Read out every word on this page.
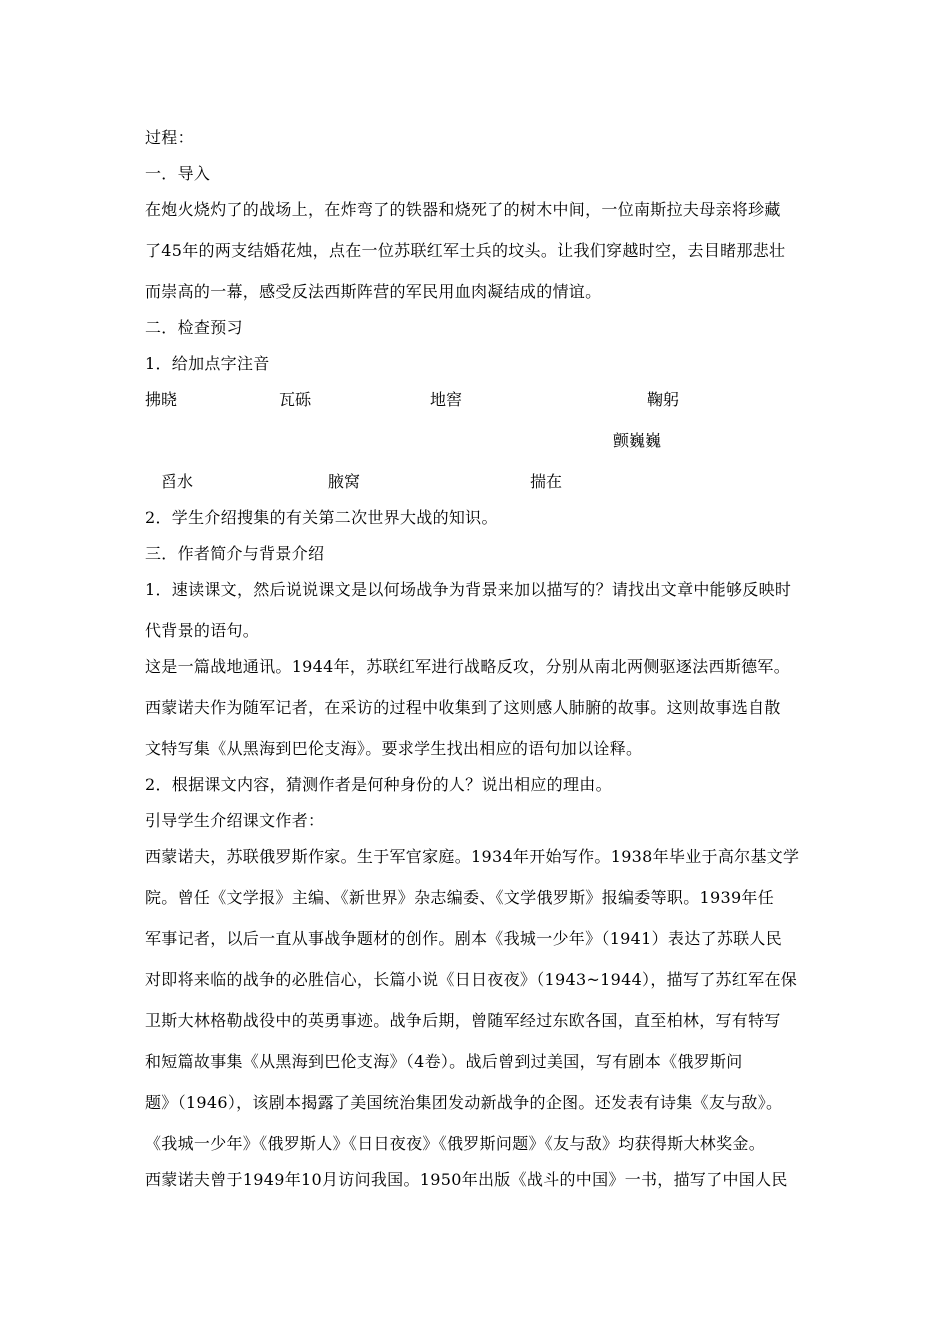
过程：
一．导入
在炮火烧灼了的战场上，在炸弯了的铁器和烧死了的树木中间，一位南斯拉夫母亲将珍藏
了45年的两支结婚花烛，点在一位苏联红军士兵的坟头。让我们穿越时空，去目睹那悲壮
而崇高的一幕，感受反法西斯阵营的军民用血肉凝结成的情谊。
二．检查预习
1．给加点字注音
拂晓	瓦砾	地窖	鞠躬
颤巍巍
舀水	腋窝	揣在
2．学生介绍搜集的有关第二次世界大战的知识。
三．作者简介与背景介绍
1．速读课文，然后说说课文是以何场战争为背景来加以描写的？请找出文章中能够反映时
代背景的语句。
这是一篇战地通讯。1944年，苏联红军进行战略反攻，分别从南北两侧驱逐法西斯德军。
西蒙诺夫作为随军记者，在采访的过程中收集到了这则感人肺腑的故事。这则故事选自散
文特写集《从黑海到巴伦支海》。要求学生找出相应的语句加以诠释。
2．根据课文内容，猜测作者是何种身份的人？说出相应的理由。
引导学生介绍课文作者：
西蒙诺夫，苏联俄罗斯作家。生于军官家庭。1934年开始写作。1938年毕业于高尔基文学
院。曾任《文学报》主编、《新世界》杂志编委、《文学俄罗斯》报编委等职。1939年任
军事记者，以后一直从事战争题材的创作。剧本《我城一少年》（1941）表达了苏联人民
对即将来临的战争的必胜信心，长篇小说《日日夜夜》（1943~1944），描写了苏红军在保
卫斯大林格勒战役中的英勇事迹。战争后期，曾随军经过东欧各国，直至柏林，写有特写
和短篇故事集《从黑海到巴伦支海》（4卷）。战后曾到过美国，写有剧本《俄罗斯问
题》（1946），该剧本揭露了美国统治集团发动新战争的企图。还发表有诗集《友与敌》。
《我城一少年》《俄罗斯人》《日日夜夜》《俄罗斯问题》《友与敌》均获得斯大林奖金。
西蒙诺夫曾于1949年10月访问我国。1950年出版《战斗的中国》一书，描写了中国人民
